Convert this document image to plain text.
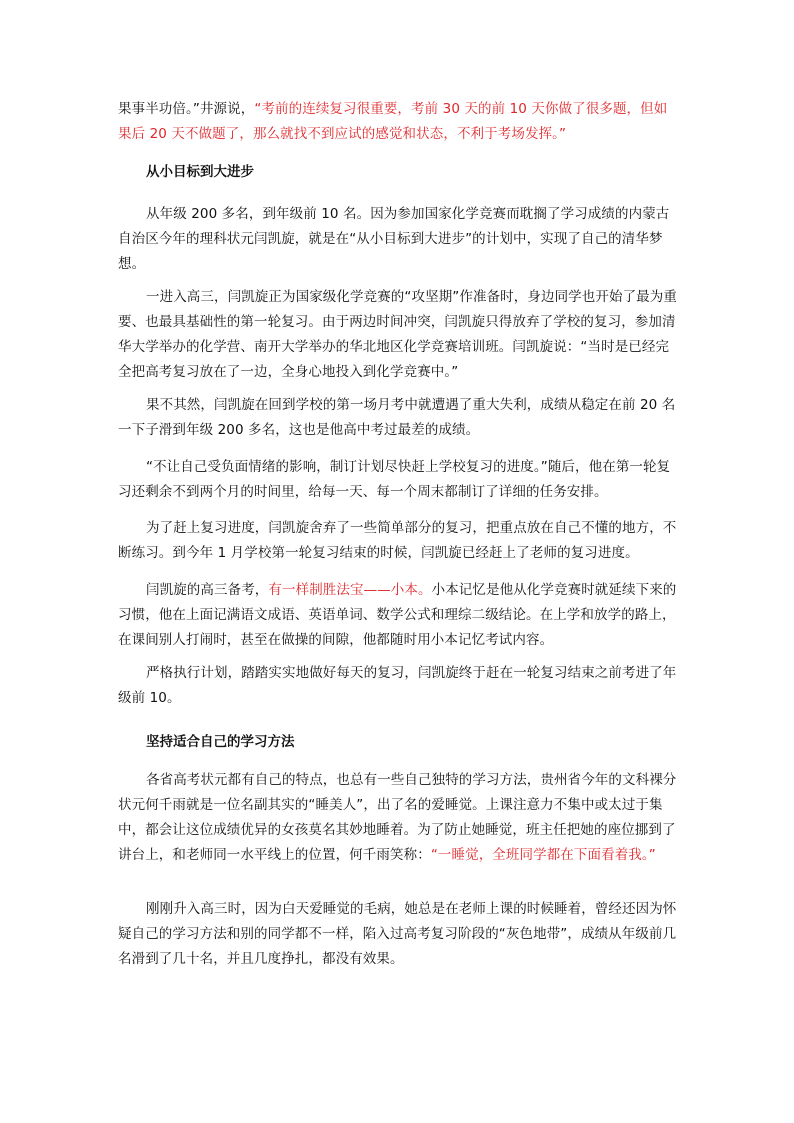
果事半功倍。”井源说，“考前的连续复习很重要，考前 30 天的前 10 天你做了很多题，但如果后 20 天不做题了，那么就找不到应试的感觉和状态，不利于考场发挥。”
从小目标到大进步
从年级 200 多名，到年级前 10 名。因为参加国家化学竞赛而耽搁了学习成绩的内蒙古自治区今年的理科状元闫凯旋，就是在“从小目标到大进步”的计划中，实现了自己的清华梦想。
一进入高三，闫凯旋正为国家级化学竞赛的“攻坚期”作准备时，身边同学也开始了最为重要、也最具基础性的第一轮复习。由于两边时间冲突，闫凯旋只得放弃了学校的复习，参加清华大学举办的化学营、南开大学举办的华北地区化学竞赛培训班。闫凯旋说：“当时是已经完全把高考复习放在了一边，全身心地投入到化学竞赛中。”
果不其然，闫凯旋在回到学校的第一场月考中就遭遇了重大失利，成绩从稳定在前 20 名一下子滑到年级 200 多名，这也是他高中考过最差的成绩。
“不让自己受负面情绪的影响，制订计划尽快赶上学校复习的进度。”随后，他在第一轮复习还剩余不到两个月的时间里，给每一天、每一个周末都制订了详细的任务安排。
为了赶上复习进度，闫凯旋舍弃了一些简单部分的复习，把重点放在自己不懂的地方，不断练习。到今年 1 月学校第一轮复习结束的时候，闫凯旋已经赶上了老师的复习进度。
闫凯旋的高三备考，有一样制胜法宝——小本。小本记忆是他从化学竞赛时就延续下来的习惯，他在上面记满语文成语、英语单词、数学公式和理综二级结论。在上学和放学的路上，在课间别人打闹时，甚至在做操的间隙，他都随时用小本记忆考试内容。
严格执行计划，踏踏实实地做好每天的复习，闫凯旋终于赶在一轮复习结束之前考进了年级前 10。
坚持适合自己的学习方法
各省高考状元都有自己的特点，也总有一些自己独特的学习方法，贵州省今年的文科裸分状元何千雨就是一位名副其实的“睡美人”，出了名的爱睡觉。上课注意力不集中或太过于集中，都会让这位成绩优异的女孩莫名其妙地睡着。为了防止她睡觉，班主任把她的座位挪到了讲台上，和老师同一水平线上的位置，何千雨笑称：“一睡觉，全班同学都在下面看着我。”
刚刚升入高三时，因为白天爱睡觉的毛病，她总是在老师上课的时候睡着，曾经还因为怀疑自己的学习方法和别的同学都不一样，陷入过高考复习阶段的“灰色地带”，成绩从年级前几名滑到了几十名，并且几度挣扎，都没有效果。
